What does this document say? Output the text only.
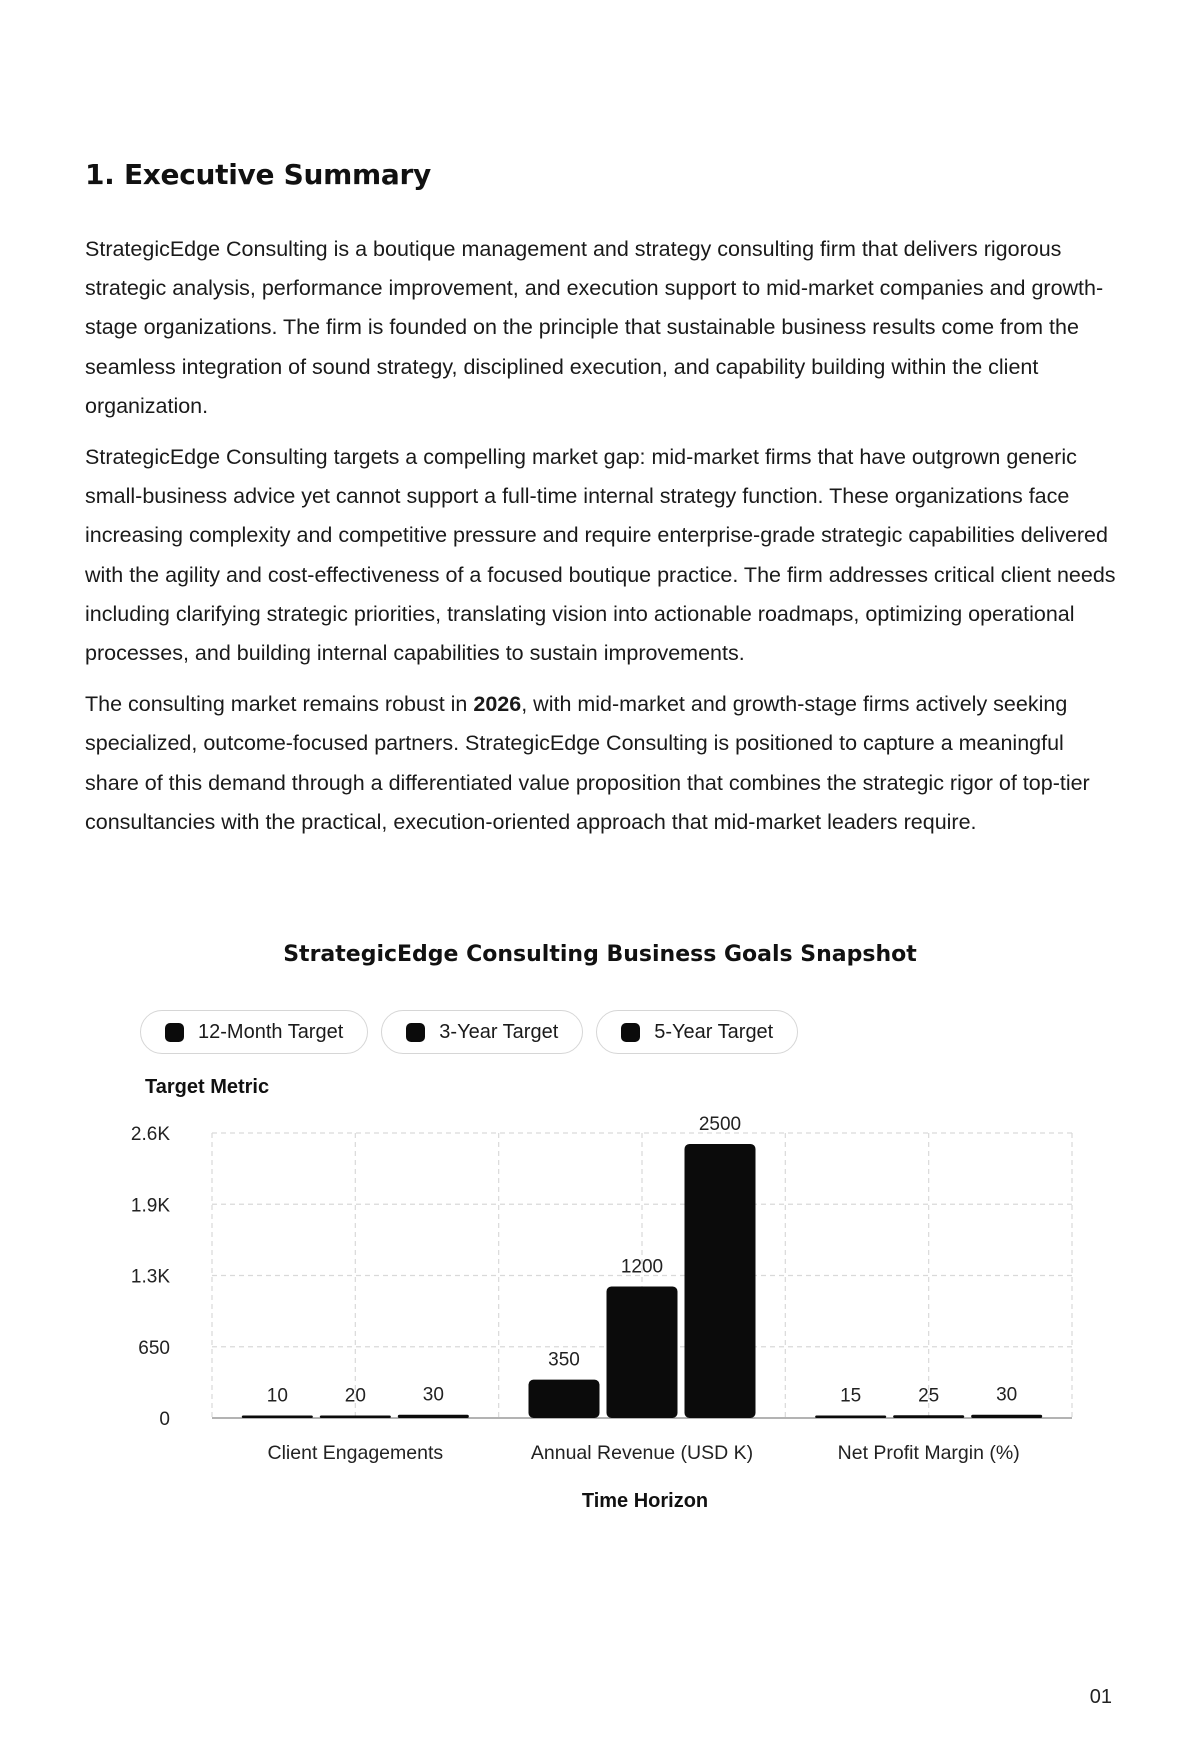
1. Executive Summary

StrategicEdge Consulting is a boutique management and strategy consulting firm that delivers rigorous strategic analysis, performance improvement, and execution support to mid-market companies and growth-stage organizations. The firm is founded on the principle that sustainable business results come from the seamless integration of sound strategy, disciplined execution, and capability building within the client organization.

StrategicEdge Consulting targets a compelling market gap: mid-market firms that have outgrown generic small-business advice yet cannot support a full-time internal strategy function. These organizations face increasing complexity and competitive pressure and require enterprise-grade strategic capabilities delivered with the agility and cost-effectiveness of a focused boutique practice. The firm addresses critical client needs including clarifying strategic priorities, translating vision into actionable roadmaps, optimizing operational processes, and building internal capabilities to sustain improvements.

The consulting market remains robust in 2026, with mid-market and growth-stage firms actively seeking specialized, outcome-focused partners. StrategicEdge Consulting is positioned to capture a meaningful share of this demand through a differentiated value proposition that combines the strategic rigor of top-tier consultancies with the practical, execution-oriented approach that mid-market leaders require.

StrategicEdge Consulting Business Goals Snapshot
12-Month Target	3-Year Target	5-Year Target
Target Metric
0
650
1.3K
1.9K
2.6K
10	20	30
Client Engagements
350
1200
2500
Annual Revenue (USD K)
15	25	30
Net Profit Margin (%)
Time Horizon
01
